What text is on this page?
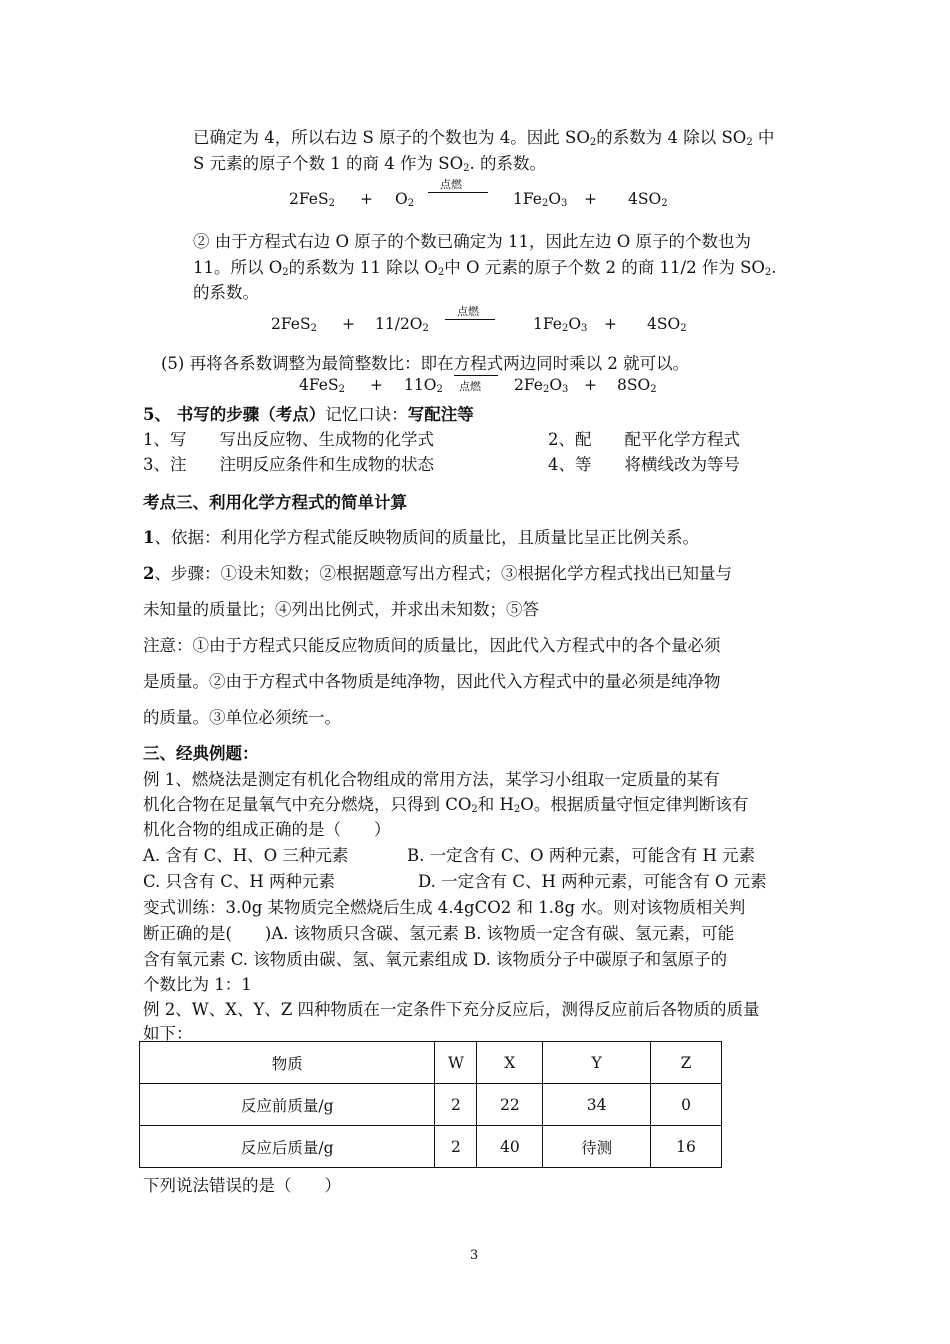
已确定为 4，所以右边 S 原子的个数也为 4。因此 $SO_2$的系数为 4 除以 $SO_2$ 中
S 元素的原子个数 1 的商 4 作为 $SO_2$. 的系数。
$2FeS_2 + O_2$
点燃
$1Fe_2O_3 + 4SO_2$
② 由于方程式右边 O 原子的个数已确定为 11，因此左边 O 原子的个数也为
11。所以 $O_2$的系数为 11 除以 $O_2$中 O 元素的原子个数 2 的商 11/2 作为 $SO_2$.
的系数。
$2FeS_2 + 11/2O_2$
点燃
$1Fe_2O_3 + 4SO_2$
(5) 再将各系数调整为最简整数比：即在方程式两边同时乘以 2 就可以。
$4FeS_2 + 11O_2$ 点燃 $2Fe_2O_3 + 8SO_2$
5、 书写的步骤（考点）记忆口诀：写配注等
1、写　　写出反应物、生成物的化学式	2、配　　配平化学方程式
3、注　　注明反应条件和生成物的状态	4、等　　将横线改为等号
考点三、利用化学方程式的简单计算
1、依据：利用化学方程式能反映物质间的质量比，且质量比呈正比例关系。
2、步骤：①设未知数；②根据题意写出方程式；③根据化学方程式找出已知量与
未知量的质量比；④列出比例式，并求出未知数；⑤答
注意：①由于方程式只能反应物质间的质量比，因此代入方程式中的各个量必须
是质量。②由于方程式中各物质是纯净物，因此代入方程式中的量必须是纯净物
的质量。③单位必须统一。
三、经典例题：
例 1、燃烧法是测定有机化合物组成的常用方法，某学习小组取一定质量的某有
机化合物在足量氧气中充分燃烧，只得到 $CO_2$和 $H_2O$。根据质量守恒定律判断该有
机化合物的组成正确的是（　　）
A. 含有 C、H、O 三种元素	B. 一定含有 C、O 两种元素，可能含有 H 元素
C. 只含有 C、H 两种元素	D. 一定含有 C、H 两种元素，可能含有 O 元素
变式训练：3.0g 某物质完全燃烧后生成 4.4gCO2 和 1.8g 水。则对该物质相关判
断正确的是(　　)A. 该物质只含碳、氢元素 B. 该物质一定含有碳、氢元素，可能
含有氧元素 C. 该物质由碳、氢、氧元素组成 D. 该物质分子中碳原子和氢原子的
个数比为 1：1
例 2、W、X、Y、Z 四种物质在一定条件下充分反应后，测得反应前后各物质的质量
如下：
物质	W	X	Y	Z
反应前质量/g	2	22	34	0
反应后质量/g	2	40	待测	16
下列说法错误的是（　　）
3
